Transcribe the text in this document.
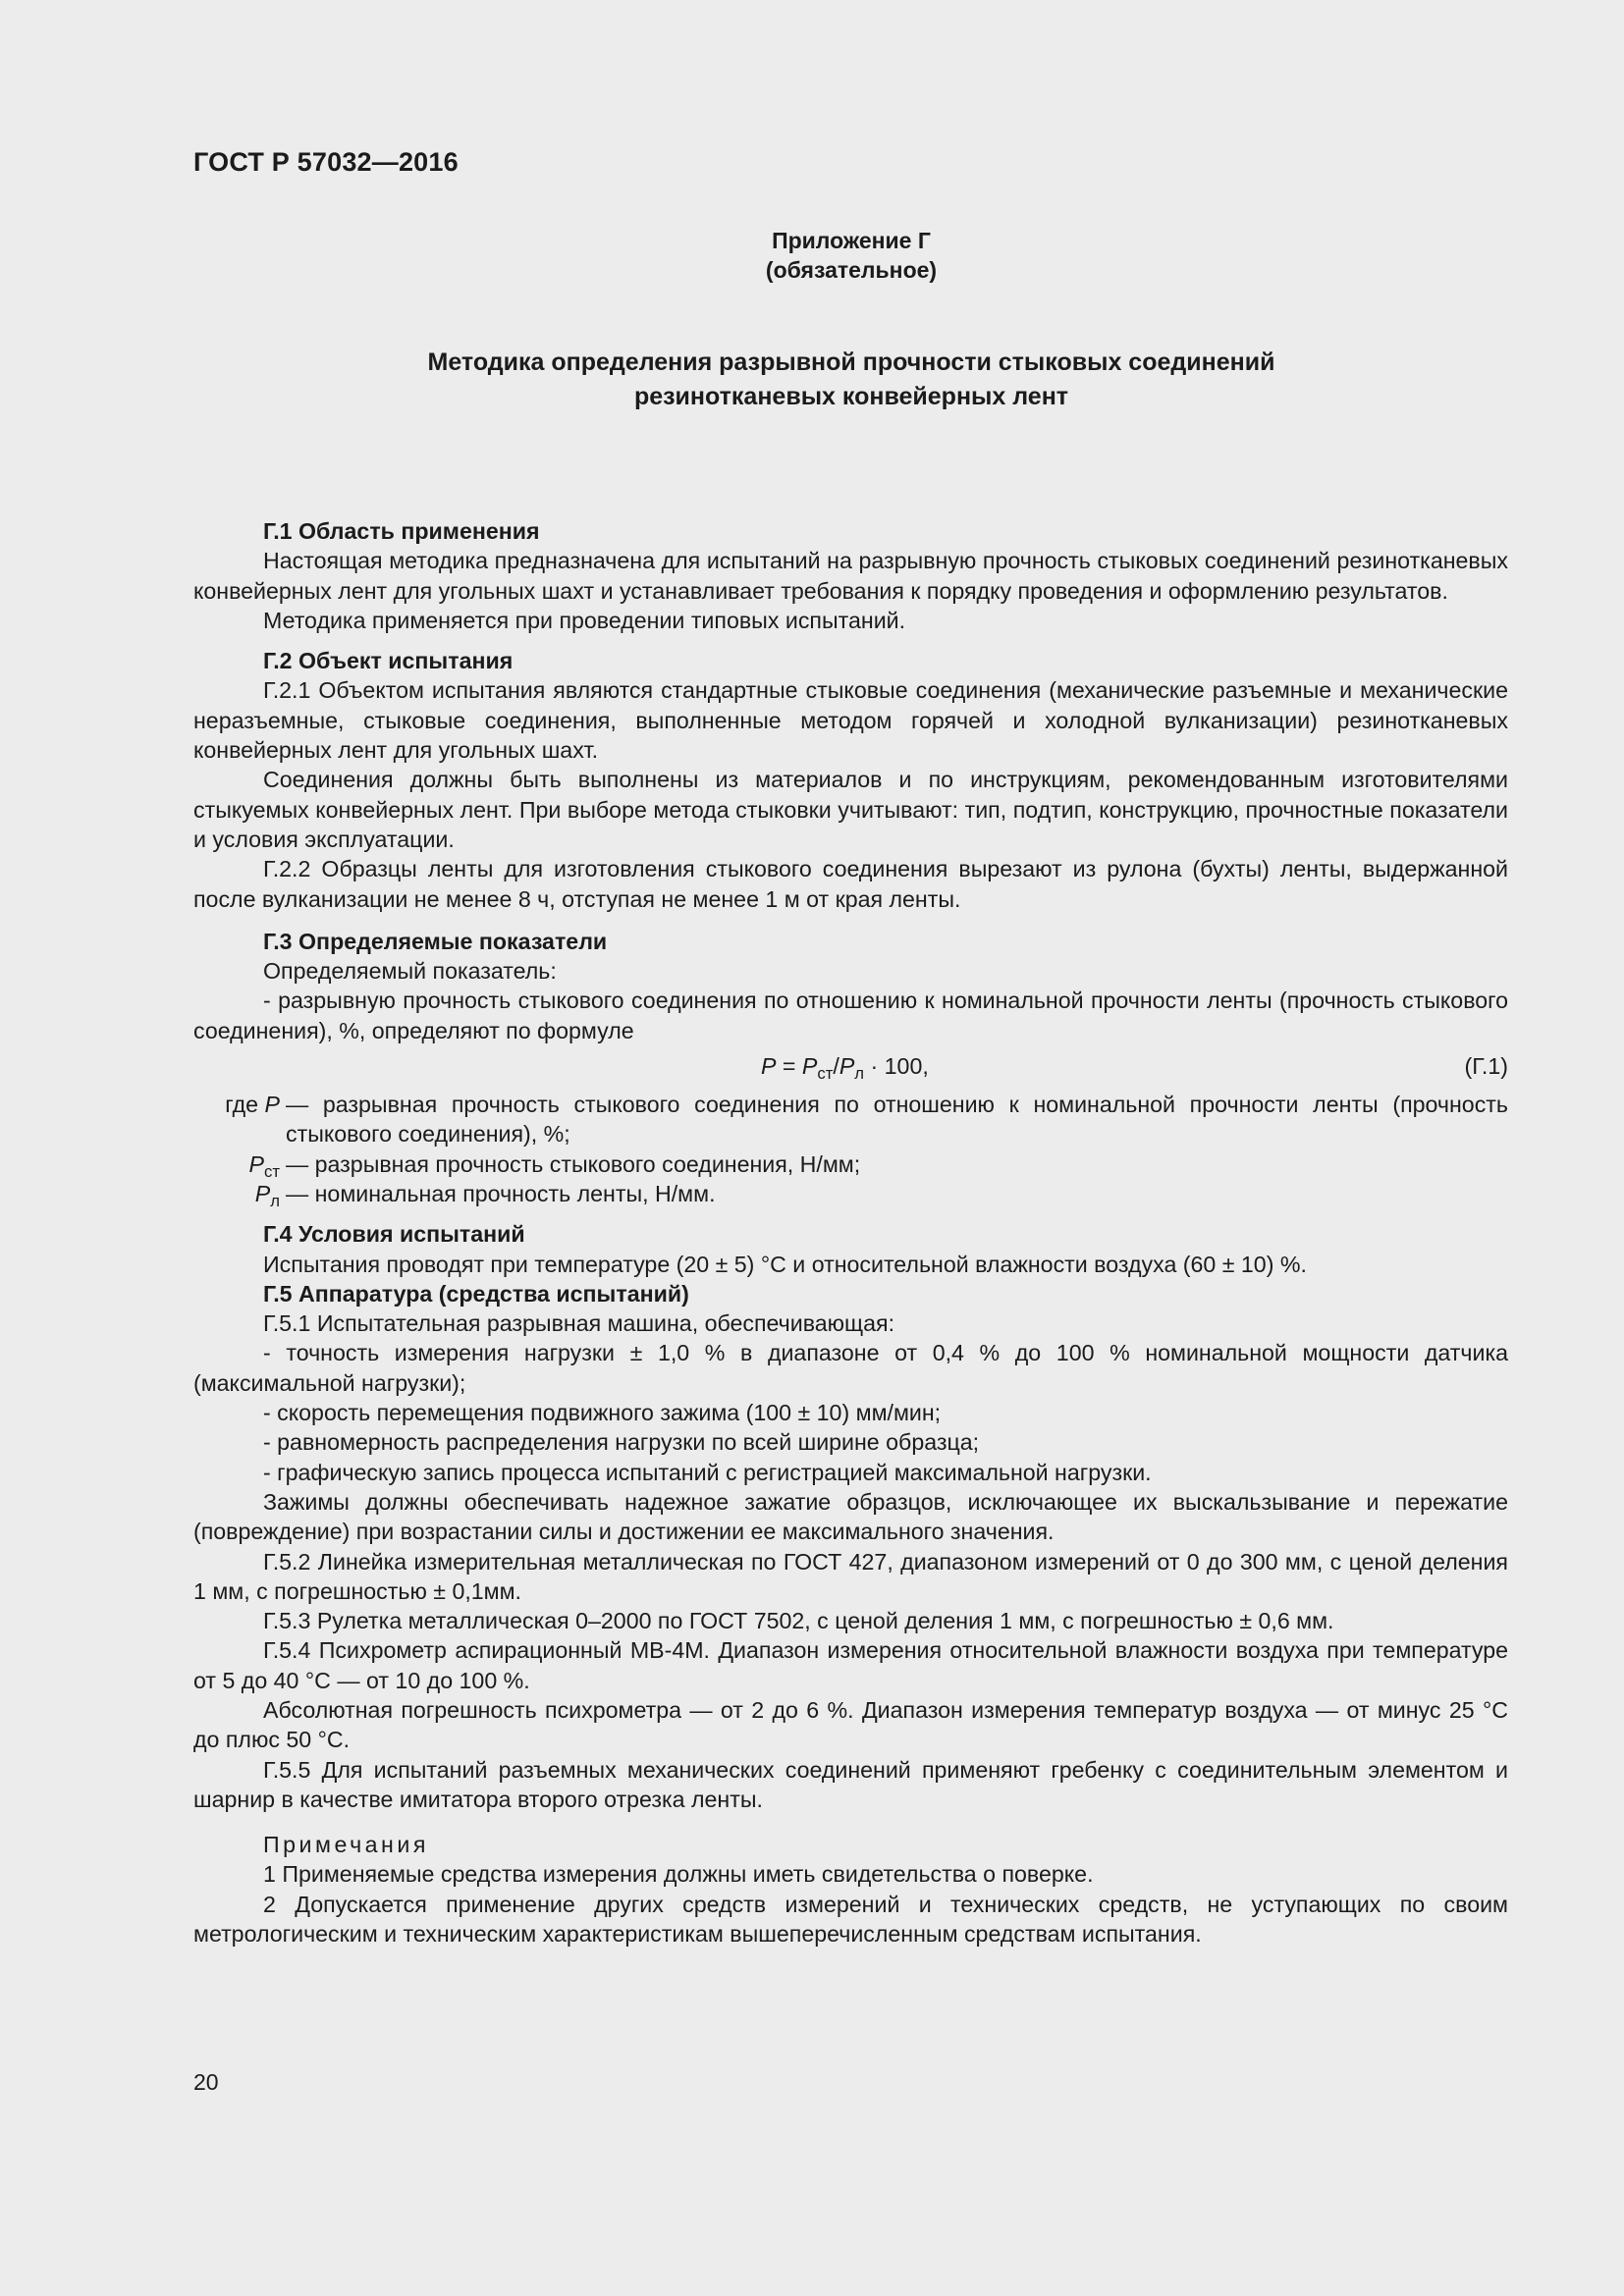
ГОСТ Р 57032—2016
Приложение Г
(обязательное)
Методика определения разрывной прочности стыковых соединений
резинотканевых конвейерных лент

Г.1 Область применения

Настоящая методика предназначена для испытаний на разрывную прочность стыковых соединений резинотканевых конвейерных лент для угольных шахт и устанавливает требования к порядку проведения и оформлению результатов.

Методика применяется при проведении типовых испытаний.

Г.2 Объект испытания

Г.2.1 Объектом испытания являются стандартные стыковые соединения (механические разъемные и механические неразъемные, стыковые соединения, выполненные методом горячей и холодной вулканизации) резинотканевых конвейерных лент для угольных шахт.

Соединения должны быть выполнены из материалов и по инструкциям, рекомендованным изготовителями стыкуемых конвейерных лент. При выборе метода стыковки учитывают: тип, подтип, конструкцию, прочностные показатели и условия эксплуатации.

Г.2.2 Образцы ленты для изготовления стыкового соединения вырезают из рулона (бухты) ленты, выдержанной после вулканизации не менее 8 ч, отступая не менее 1 м от края ленты.

Г.3 Определяемые показатели

Определяемый показатель:

- разрывную прочность стыкового соединения по отношению к номинальной прочности ленты (прочность стыкового соединения), %, определяют по формуле

$P = P_{ст}/P_л \cdot 100$,	(Г.1)
где P — разрывная прочность стыкового соединения по отношению к номинальной прочности ленты (прочность стыкового соединения), %;
$P_{ст}$ — разрывная прочность стыкового соединения, Н/мм;
$P_л$ — номинальная прочность ленты, Н/мм.

Г.4 Условия испытаний

Испытания проводят при температуре (20 ± 5) °С и относительной влажности воздуха (60 ± 10) %.

Г.5 Аппаратура (средства испытаний)

Г.5.1 Испытательная разрывная машина, обеспечивающая:

- точность измерения нагрузки ± 1,0 % в диапазоне от 0,4 % до 100 % номинальной мощности датчика (максимальной нагрузки);

- скорость перемещения подвижного зажима (100 ± 10) мм/мин;

- равномерность распределения нагрузки по всей ширине образца;

- графическую запись процесса испытаний с регистрацией максимальной нагрузки.

Зажимы должны обеспечивать надежное зажатие образцов, исключающее их выскальзывание и пережатие (повреждение) при возрастании силы и достижении ее максимального значения.

Г.5.2 Линейка измерительная металлическая по ГОСТ 427, диапазоном измерений от 0 до 300 мм, с ценой деления 1 мм, с погрешностью ± 0,1мм.

Г.5.3 Рулетка металлическая 0–2000 по ГОСТ 7502, с ценой деления 1 мм, с погрешностью ± 0,6 мм.

Г.5.4 Психрометр аспирационный МВ-4М. Диапазон измерения относительной влажности воздуха при температуре от 5 до 40 °С — от 10 до 100 %.

Абсолютная погрешность психрометра — от 2 до 6 %. Диапазон измерения температур воздуха — от минус 25 °С до плюс 50 °С.

Г.5.5 Для испытаний разъемных механических соединений применяют гребенку с соединительным элементом и шарнир в качестве имитатора второго отрезка ленты.

Примечания

1 Применяемые средства измерения должны иметь свидетельства о поверке.

2 Допускается применение других средств измерений и технических средств, не уступающих по своим метрологическим и техническим характеристикам вышеперечисленным средствам испытания.

20
